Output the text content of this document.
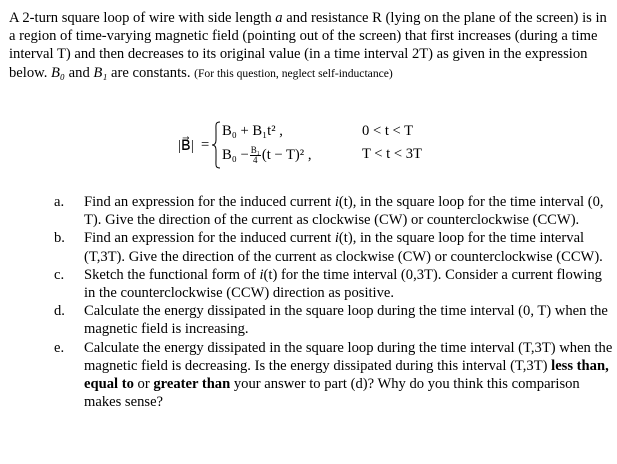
A 2-turn square loop of wire with side length a and resistance R (lying on the plane of the screen) is in a region of time-varying magnetic field (pointing out of the screen) that first increases (during a time interval T) and then decreases to its original value (in a time interval 2T) as given in the expression below. B₀ and B₁ are constants. (For this question, neglect self-inductance)
|B⃗| =
B₀ + B₁t² ,	0 < t < T
$B_0 - \frac{\text{B₁}}{4} (t - T)^2$ ,	T < t < 3T
a. Find an expression for the induced current i(t), in the square loop for the time interval (0, T). Give the direction of the current as clockwise (CW) or counterclockwise (CCW).
b. Find an expression for the induced current i(t), in the square loop for the time interval (T,3T). Give the direction of the current as clockwise (CW) or counterclockwise (CCW).
c. Sketch the functional form of i(t) for the time interval (0,3T). Consider a current flowing in the counterclockwise (CCW) direction as positive.
d. Calculate the energy dissipated in the square loop during the time interval (0, T) when the magnetic field is increasing.
e. Calculate the energy dissipated in the square loop during the time interval (T,3T) when the magnetic field is decreasing. Is the energy dissipated during this interval (T,3T) less than, equal to or greater than your answer to part (d)? Why do you think this comparison makes sense?
